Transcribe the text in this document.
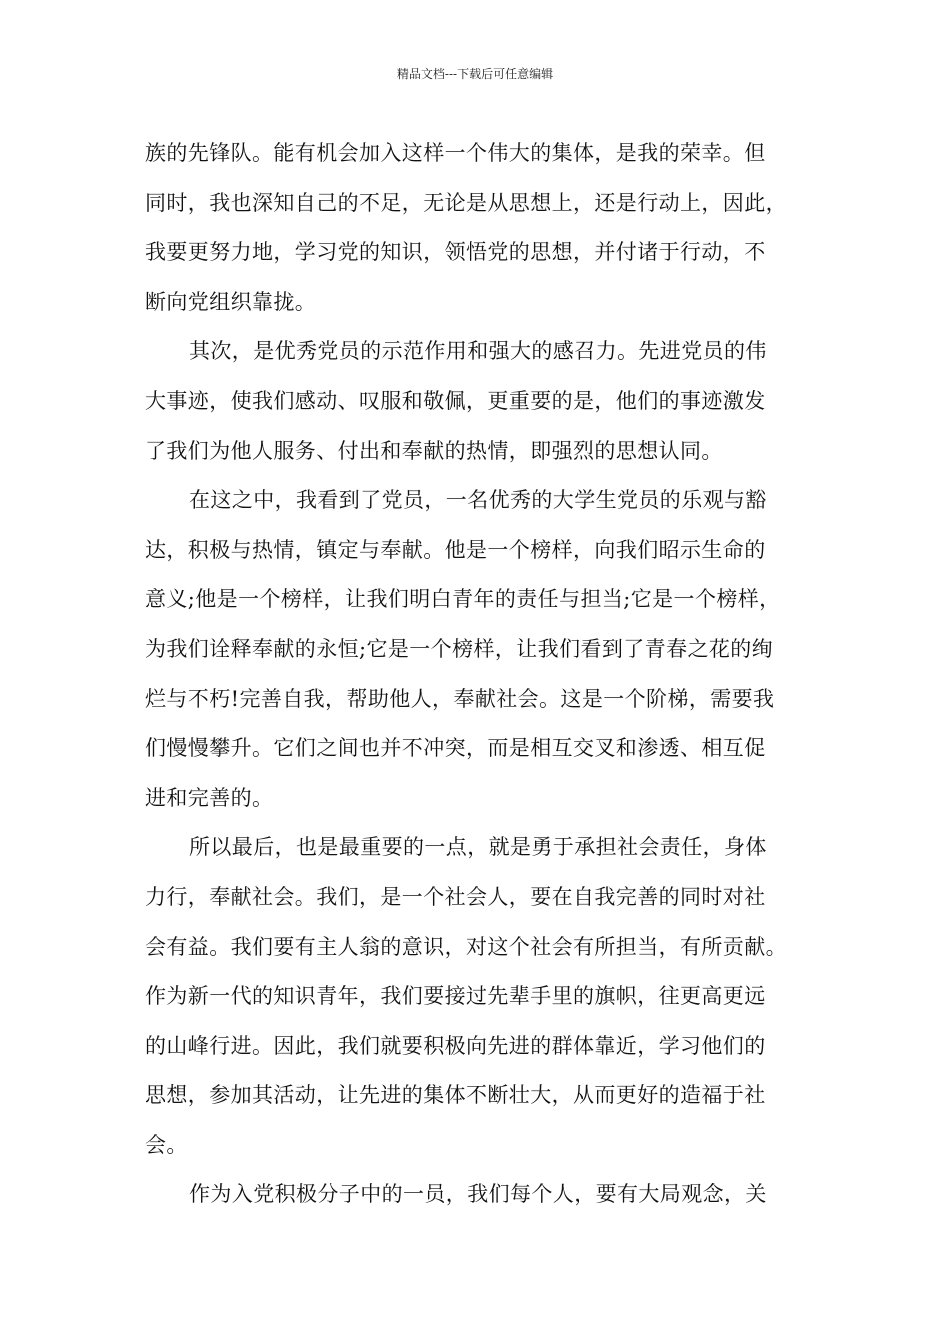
精品文档---下载后可任意编辑
族的先锋队。能有机会加入这样一个伟大的集体，是我的荣幸。但
同时，我也深知自己的不足，无论是从思想上，还是行动上，因此，
我要更努力地，学习党的知识，领悟党的思想，并付诸于行动，不
断向党组织靠拢。
其次，是优秀党员的示范作用和强大的感召力。先进党员的伟
大事迹，使我们感动、叹服和敬佩，更重要的是，他们的事迹激发
了我们为他人服务、付出和奉献的热情，即强烈的思想认同。
在这之中，我看到了党员，一名优秀的大学生党员的乐观与豁
达，积极与热情，镇定与奉献。他是一个榜样，向我们昭示生命的
意义;他是一个榜样，让我们明白青年的责任与担当;它是一个榜样，
为我们诠释奉献的永恒;它是一个榜样，让我们看到了青春之花的绚
烂与不朽!完善自我，帮助他人，奉献社会。这是一个阶梯，需要我
们慢慢攀升。它们之间也并不冲突，而是相互交叉和渗透、相互促
进和完善的。
所以最后，也是最重要的一点，就是勇于承担社会责任，身体
力行，奉献社会。我们，是一个社会人，要在自我完善的同时对社
会有益。我们要有主人翁的意识，对这个社会有所担当，有所贡献。
作为新一代的知识青年，我们要接过先辈手里的旗帜，往更高更远
的山峰行进。因此，我们就要积极向先进的群体靠近，学习他们的
思想，参加其活动，让先进的集体不断壮大，从而更好的造福于社
会。
作为入党积极分子中的一员，我们每个人，要有大局观念，关
